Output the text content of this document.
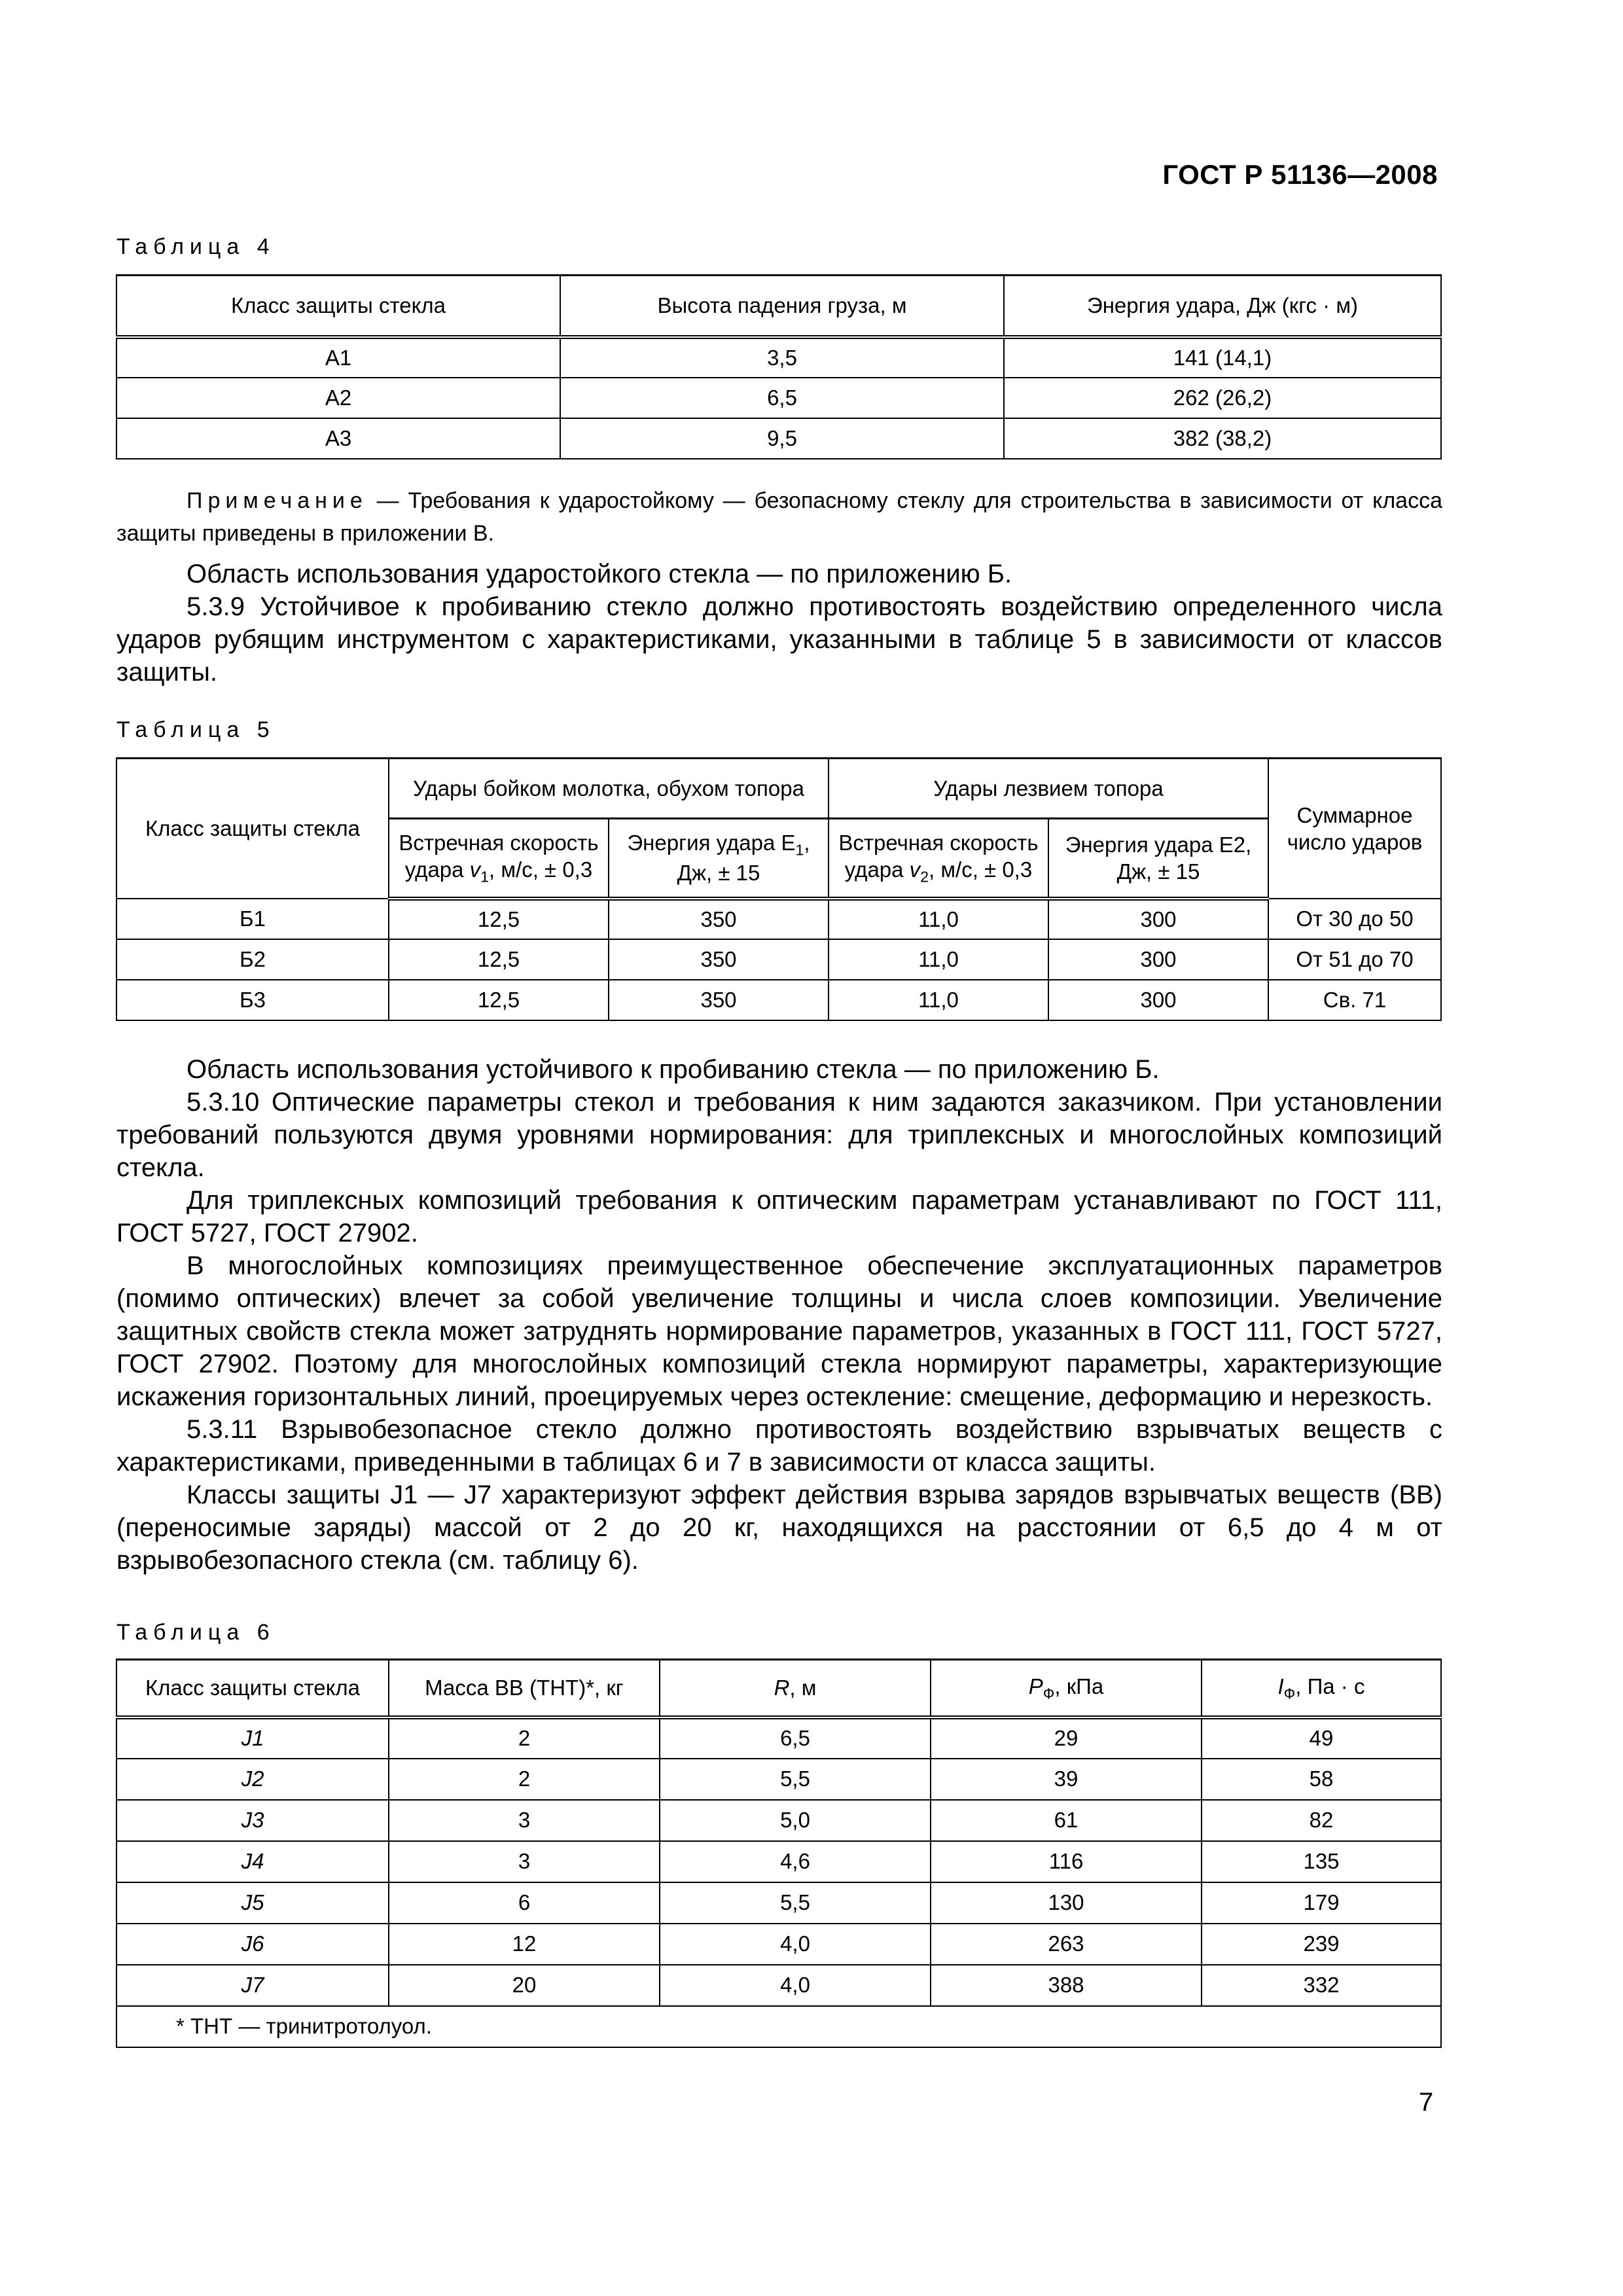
ГОСТ Р 51136—2008
Таблица 4
Класс защиты стекла	Высота падения груза, м	Энергия удара, Дж (кгс · м)
А1	3,5	141 (14,1)
А2	6,5	262 (26,2)
А3	9,5	382 (38,2)

Примечание — Требования к ударостойкому — безопасному стеклу для строительства в зависимости от класса защиты приведены в приложении В.

Область использования ударостойкого стекла — по приложению Б.

5.3.9 Устойчивое к пробиванию стекло должно противостоять воздействию определенного числа ударов рубящим инструментом с характеристиками, указанными в таблице 5 в зависимости от классов защиты.

Таблица 5
Класс защиты стекла	Удары бойком молотка, обухом топора		Удары лезвием топора		Суммарное число ударов
	Встречная скорость удара $v_1$, м/с, ± 0,3	Энергия удара $Е_1$, Дж, ± 15	Встречная скорость удара $v_2$, м/с, ± 0,3	Энергия удара Е2, Дж, ± 15	
Б1	12,5	350	11,0	300	От 30 до 50
Б2	12,5	350	11,0	300	От 51 до 70
Б3	12,5	350	11,0	300	Св. 71

Область использования устойчивого к пробиванию стекла — по приложению Б.

5.3.10 Оптические параметры стекол и требования к ним задаются заказчиком. При установлении требований пользуются двумя уровнями нормирования: для триплексных и многослойных композиций стекла.

Для триплексных композиций требования к оптическим параметрам устанавливают по ГОСТ 111, ГОСТ 5727, ГОСТ 27902.

В многослойных композициях преимущественное обеспечение эксплуатационных параметров (помимо оптических) влечет за собой увеличение толщины и числа слоев композиции. Увеличение защитных свойств стекла может затруднять нормирование параметров, указанных в ГОСТ 111, ГОСТ 5727, ГОСТ 27902. Поэтому для многослойных композиций стекла нормируют параметры, характеризующие искажения горизонтальных линий, проецируемых через остекление: смещение, деформацию и нерезкость.

5.3.11 Взрывобезопасное стекло должно противостоять воздействию взрывчатых веществ с характеристиками, приведенными в таблицах 6 и 7 в зависимости от класса защиты.

Классы защиты J1 — J7 характеризуют эффект действия взрыва зарядов взрывчатых веществ (ВВ) (переносимые заряды) массой от 2 до 20 кг, находящихся на расстоянии от 6,5 до 4 м от взрывобезопасного стекла (см. таблицу 6).

Таблица 6
Класс защиты стекла	Масса ВВ (ТНТ)*, кг	R, м	$P_Ф$, кПа	$I_Ф$, Па · с
J1	2	6,5	29	49
J2	2	5,5	39	58
J3	3	5,0	61	82
J4	3	4,6	116	135
J5	6	5,5	130	179
J6	12	4,0	263	239
J7	20	4,0	388	332
* ТНТ — тринитротолуол.				
7
